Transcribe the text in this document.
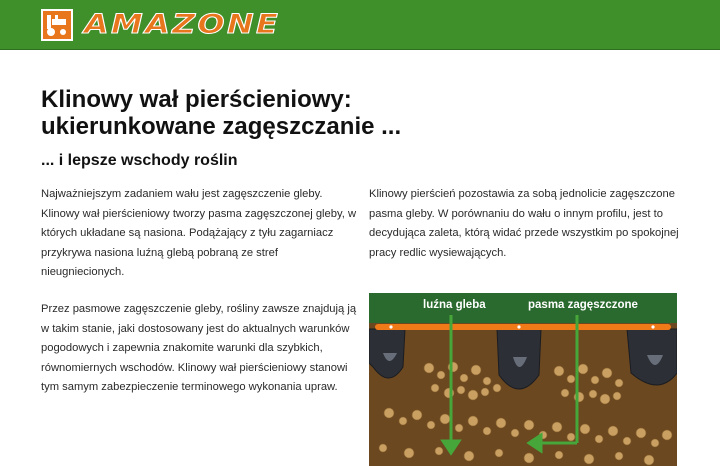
AMAZONE
Klinowy wał pierścieniowy:
ukierunkowane zagęszczanie ...
... i lepsze wschody roślin

Najważniejszym zadaniem wału jest zagęszczenie gleby. Klinowy wał pierścieniowy tworzy pasma zagęszczonej gleby, w których układane są nasiona. Podążający z tyłu zagarniacz przykrywa nasiona luźną glebą pobraną ze stref nieugniecionych.

Przez pasmowe zagęszczenie gleby, rośliny zawsze znajdują ją w takim stanie, jaki dostosowany jest do aktualnych warunków pogodowych i zapewnia znakomite warunki dla szybkich, równomiernych wschodów. Klinowy wał pierścieniowy stanowi tym samym zabezpieczenie terminowego wykonania upraw.

Klinowy pierścień pozostawia za sobą jednolicie zagęszczone pasma gleby. W porównaniu do wału o innym profilu, jest to decydująca zaleta, którą widać przede wszystkim po spokojnej pracy redlic wysiewających.

luźna gleba	pasma zagęszczone
